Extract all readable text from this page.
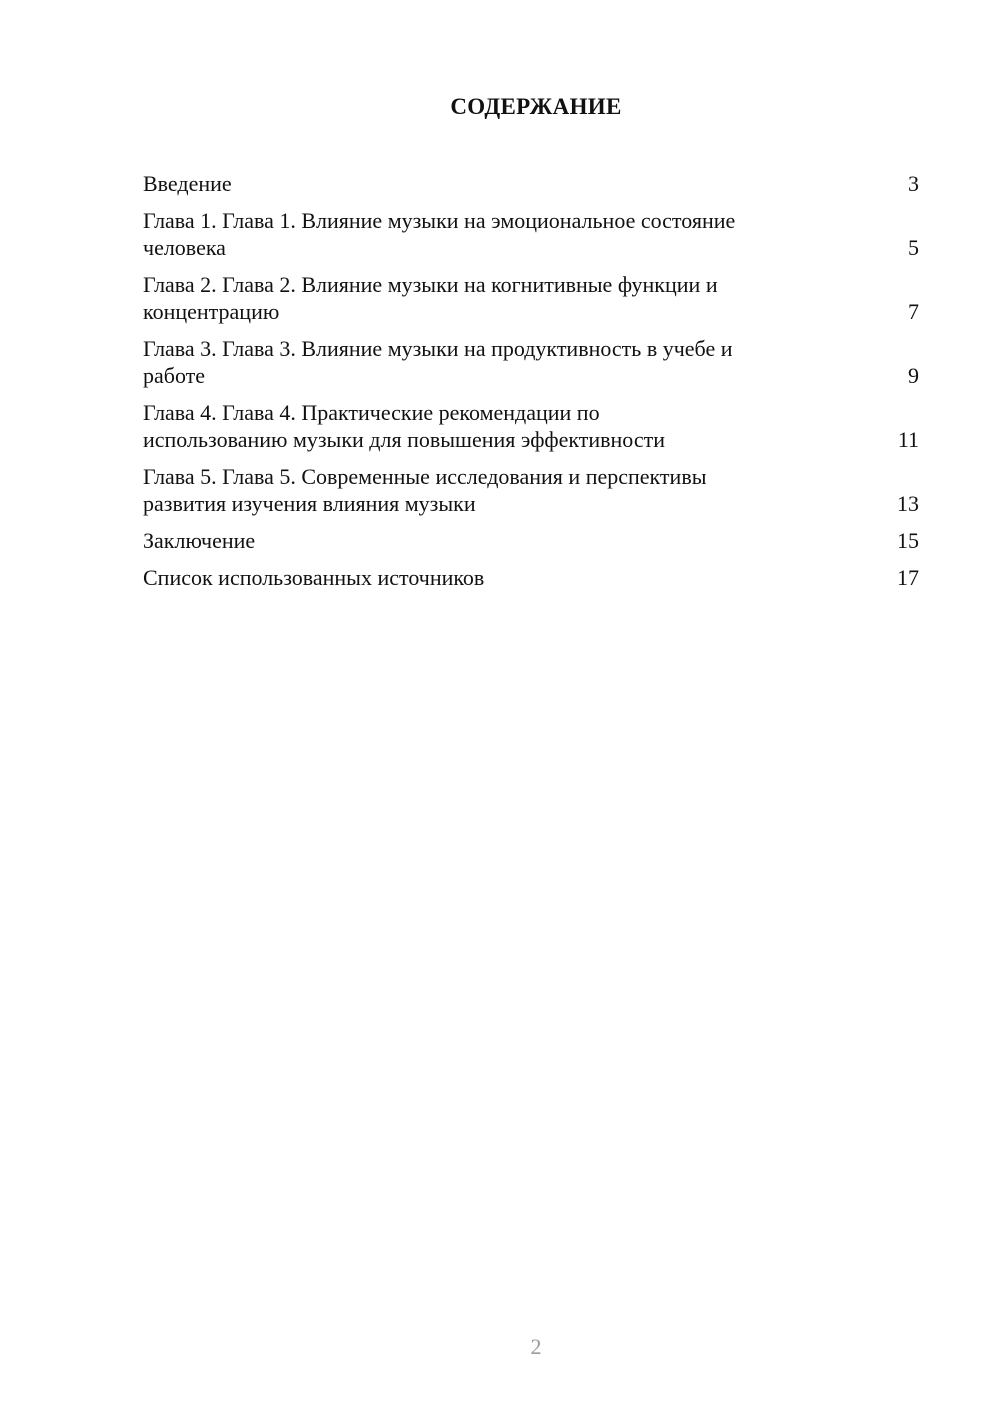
СОДЕРЖАНИЕ
Введение	3
Глава 1. Глава 1. Влияние музыки на эмоциональное состояние
человека	5
Глава 2. Глава 2. Влияние музыки на когнитивные функции и
концентрацию	7
Глава 3. Глава 3. Влияние музыки на продуктивность в учебе и
работе	9
Глава 4. Глава 4. Практические рекомендации по
использованию музыки для повышения эффективности	11
Глава 5. Глава 5. Современные исследования и перспективы
развития изучения влияния музыки	13
Заключение	15
Список использованных источников	17
2
